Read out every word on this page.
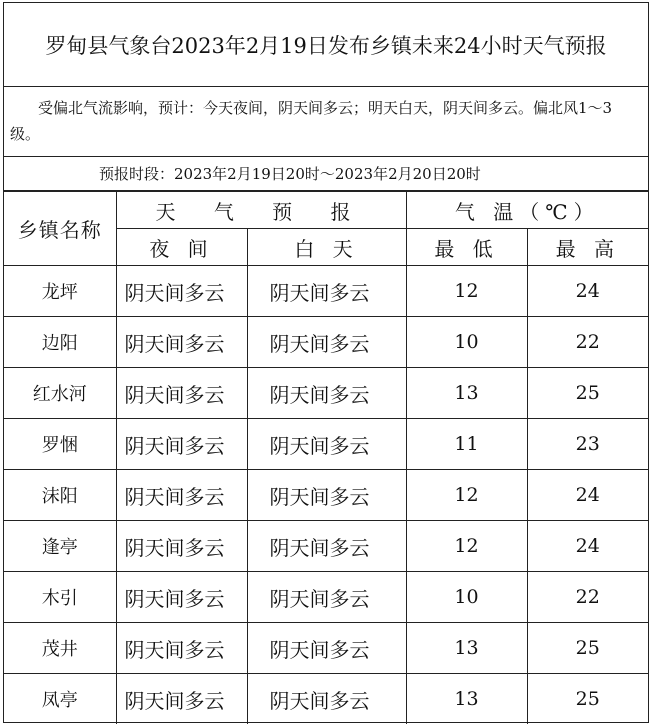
罗甸县气象台2023年2月19日发布乡镇未来24小时天气预报
受偏北气流影响，预计：今天夜间，阴天间多云；明天白天，阴天间多云。偏北风1～3级。
预报时段：2023年2月19日20时～2023年2月20日20时
乡镇名称	天 气 预 报		气 温（℃）	
	夜 间	白 天	最 低	最 高
龙坪	阴天间多云	阴天间多云	12	24
边阳	阴天间多云	阴天间多云	10	22
红水河	阴天间多云	阴天间多云	13	25
罗悃	阴天间多云	阴天间多云	11	23
沫阳	阴天间多云	阴天间多云	12	24
逢亭	阴天间多云	阴天间多云	12	24
木引	阴天间多云	阴天间多云	10	22
茂井	阴天间多云	阴天间多云	13	25
凤亭	阴天间多云	阴天间多云	13	25
